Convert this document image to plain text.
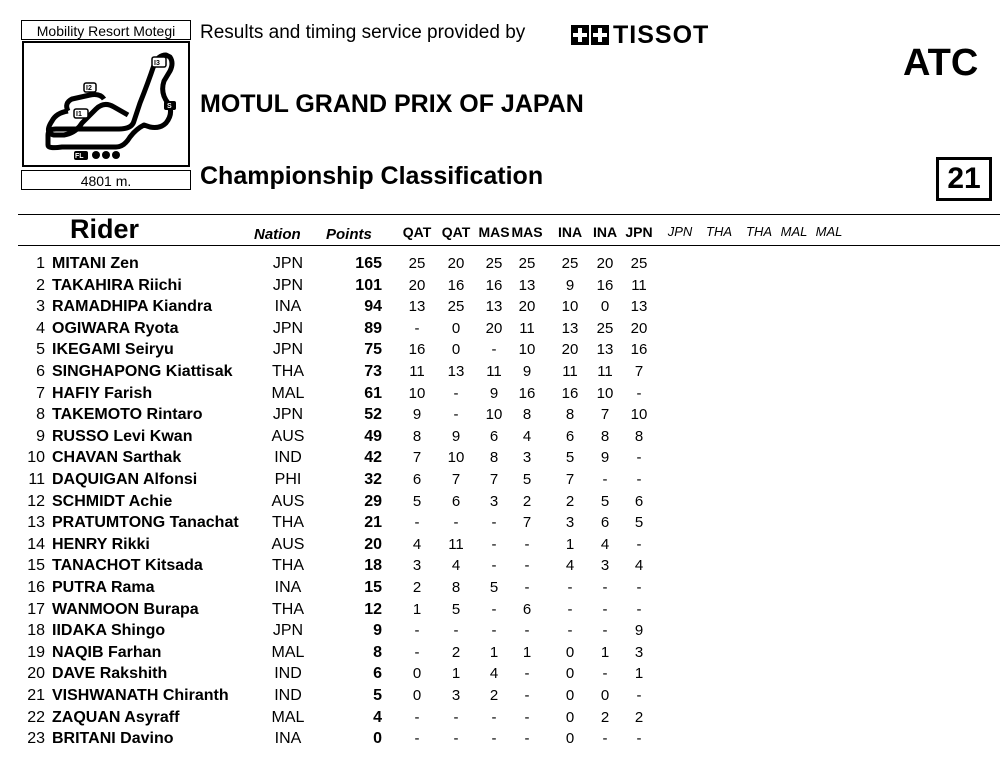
Mobility Resort Motegi
I3
I2
I1
S
FL
4801 m.
Results and timing service provided by	TISSOT
ATC
MOTUL GRAND PRIX OF JAPAN
Championship Classification	21
Rider	Nation Points	QAT QAT MAS MAS	INA INA JPN	JPN	THA	THA MAL MAL
1 MITANI Zen	JPN	165	25	20	25	25	25	20	25
2 TAKAHIRA Riichi	JPN	101	20	16	16	13	9	16	11
3 RAMADHIPA Kiandra	INA	94	13	25	13	20	10	0	13
4 OGIWARA Ryota	JPN	89	-	0	20	11	13	25	20
5 IKEGAMI Seiryu	JPN	75	16	0	-	10	20	13	16
6 SINGHAPONG Kiattisak	THA	73	11	13	11	9	11	11	7
7 HAFIY Farish	MAL	61	10	-	9	16	16	10	-
8 TAKEMOTO Rintaro	JPN	52	9	-	10	8	8	7	10
9 RUSSO Levi Kwan	AUS	49	8	9	6	4	6	8	8
10 CHAVAN Sarthak	IND	42	7	10	8	3	5	9	-
11 DAQUIGAN Alfonsi	PHI	32	6	7	7	5	7	-	-
12 SCHMIDT Achie	AUS	29	5	6	3	2	2	5	6
13 PRATUMTONG Tanachat	THA	21	-	-	-	7	3	6	5
14 HENRY Rikki	AUS	20	4	11	-	-	1	4	-
15 TANACHOT Kitsada	THA	18	3	4	-	-	4	3	4
16 PUTRA Rama	INA	15	2	8	5	-	-	-	-
17 WANMOON Burapa	THA	12	1	5	-	6	-	-	-
18 IIDAKA Shingo	JPN	9	-	-	-	-	-	-	9
19 NAQIB Farhan	MAL	8	-	2	1	1	0	1	3
20 DAVE Rakshith	IND	6	0	1	4	-	0	-	1
21 VISHWANATH Chiranth	IND	5	0	3	2	-	0	0	-
22 ZAQUAN Asyraff	MAL	4	-	-	-	-	0	2	2
23 BRITANI Davino	INA	0	-	-	-	-	0	-	-
